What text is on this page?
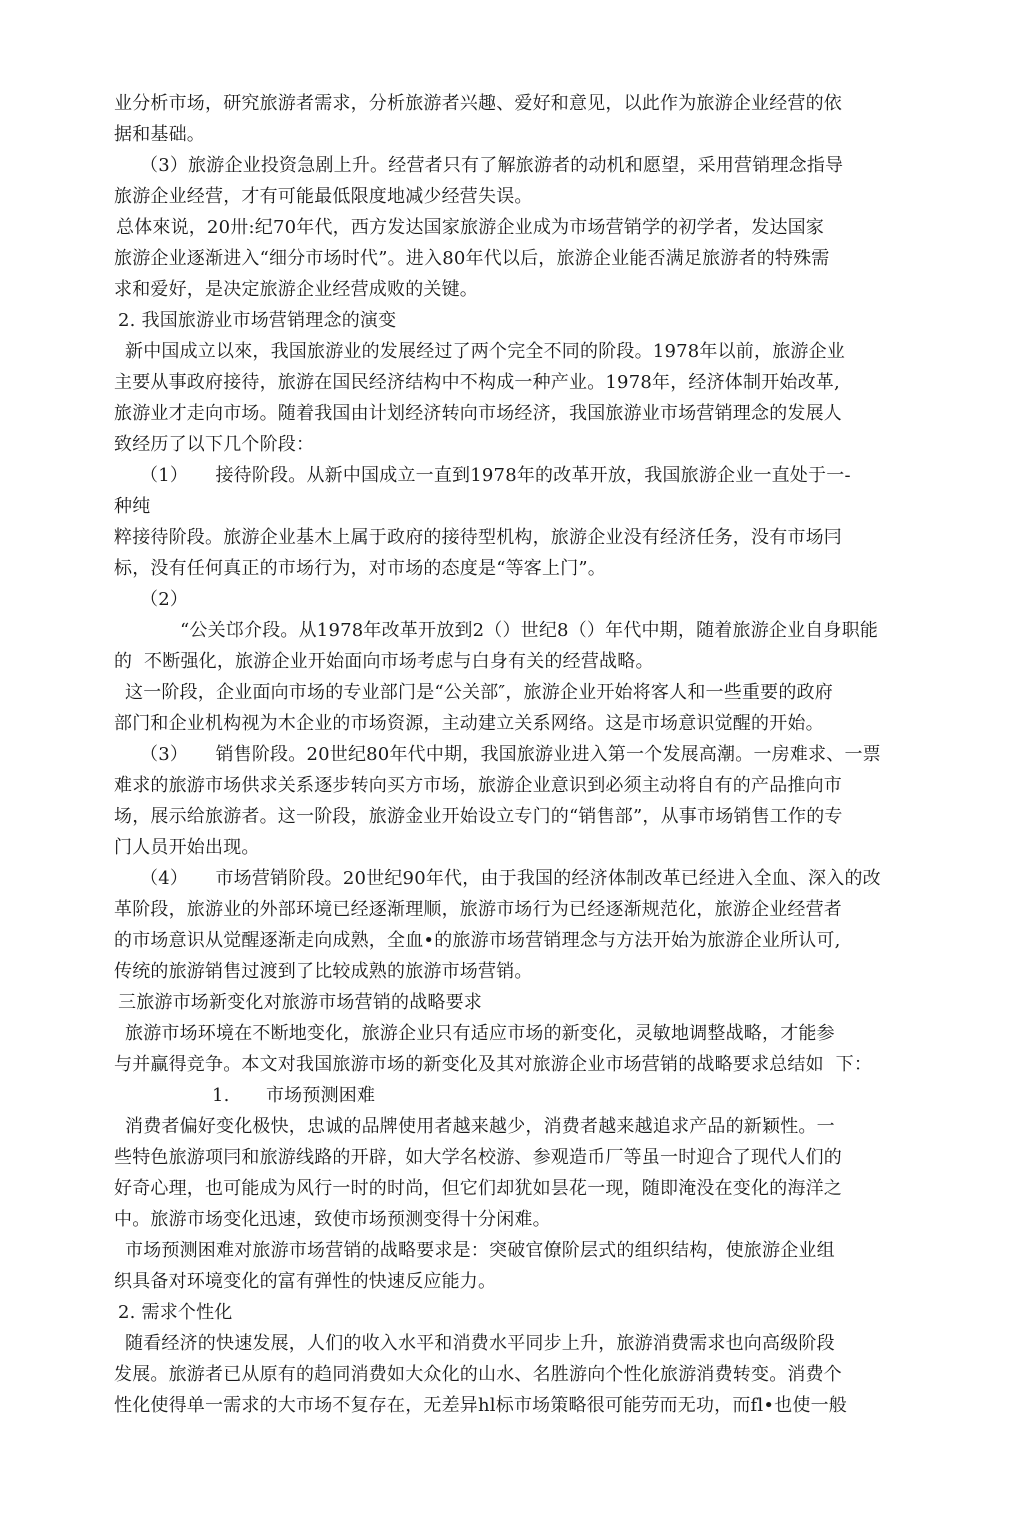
业分析市场，研究旅游者需求，分析旅游者兴趣、爱好和意见，以此作为旅游企业经营的依
据和基础。
（3）旅游企业投资急剧上升。经营者只有了解旅游者的动机和愿望，采用营销理念指导
旅游企业经营，才有可能最低限度地减少经营失误。
总体來说，20卅:纪70年代，西方发达国家旅游企业成为市场营销学的初学者，发达国家
旅游企业逐渐进入“细分市场时代”。进入80年代以后，旅游企业能否满足旅游者的特殊需
求和爱好，是决定旅游企业经营成败的关键。
2. 我国旅游业市场营销理念的演变
新中国成立以來，我国旅游业的发展经过了两个完全不同的阶段。1978年以前，旅游企业
主要从事政府接待，旅游在国民经济结构中不构成一种产业。1978年，经济体制开始改革,
旅游业才走向市场。随着我国由计划经济转向市场经济，我国旅游业市场营销理念的发展人
致经历了以下几个阶段：
（1）　　接待阶段。从新中国成立一直到1978年的改革开放，我国旅游企业一直处于一-
种纯
粹接待阶段。旅游企业基木上属于政府的接待型机构，旅游企业没有经济任务，没有市场冃
标，没有任何真正的市场行为，对市场的态度是“等客上门”。
（2）
“公关邙介段。从1978年改革开放到2（）世纪8（）年代中期，随着旅游企业自身职能
的  不断强化，旅游企业开始面向市场考虑与白身有关的经营战略。
这一阶段，企业面向市场的专业部门是“公关部″，旅游企业开始将客人和一些重要的政府
部门和企业机构视为木企业的市场资源，主动建立关系网络。这是市场意识觉醒的开始。
（3）　　销售阶段。20世纪80年代中期，我国旅游业进入第一个发展高潮。一房难求、一票
难求的旅游市场供求关系逐步转向买方市场，旅游企业意识到必须主动将自有的产品推向市
场，展示给旅游者。这一阶段，旅游金业开始设立专门的“销售部”，从事市场销售工作的专
门人员开始出现。
（4）　　市场营销阶段。20世纪90年代，由于我国的经济体制改革已经进入全血、深入的改
革阶段，旅游业的外部环境已经逐渐理顺，旅游市场行为已经逐渐规范化，旅游企业经营者
的市场意识从觉醒逐渐走向成熟，全血•的旅游市场营销理念与方法开始为旅游企业所认可,
传统的旅游销售过渡到了比较成熟的旅游市场营销。
三旅游市场新变化对旅游市场营销的战略要求
旅游市场环境在不断地变化，旅游企业只有适应市场的新变化，灵敏地调整战略，才能参
与并赢得竞争。本文对我国旅游市场的新变化及其对旅游企业市场营销的战略要求总结如  下：
1.　　市场预测困难
消费者偏好变化极快，忠诚的品牌使用者越来越少，消费者越来越追求产品的新颖性。一
些特色旅游项冃和旅游线路的开辟，如大学名校游、参观造币厂等虽一时迎合了现代人们的
好奇心理，也可能成为风行一时的时尚，但它们却犹如昙花一现，随即淹没在变化的海洋之
中。旅游市场变化迅速，致使市场预测变得十分闲难。
市场预测困难对旅游市场营销的战略要求是：突破官僚阶层式的组织结构，使旅游企业组
织具备对环境变化的富有弹性的快速反应能力。
2. 需求个性化
随看经济的快速发展，人们的收入水平和消费水平同步上升，旅游消费需求也向高级阶段
发展。旅游者已从原有的趋同消费如大众化的山水、名胜游向个性化旅游消费转变。消费个
性化使得单一需求的大市场不复存在，无差异hl标市场策略很可能劳而无功，而fl•也使一般
